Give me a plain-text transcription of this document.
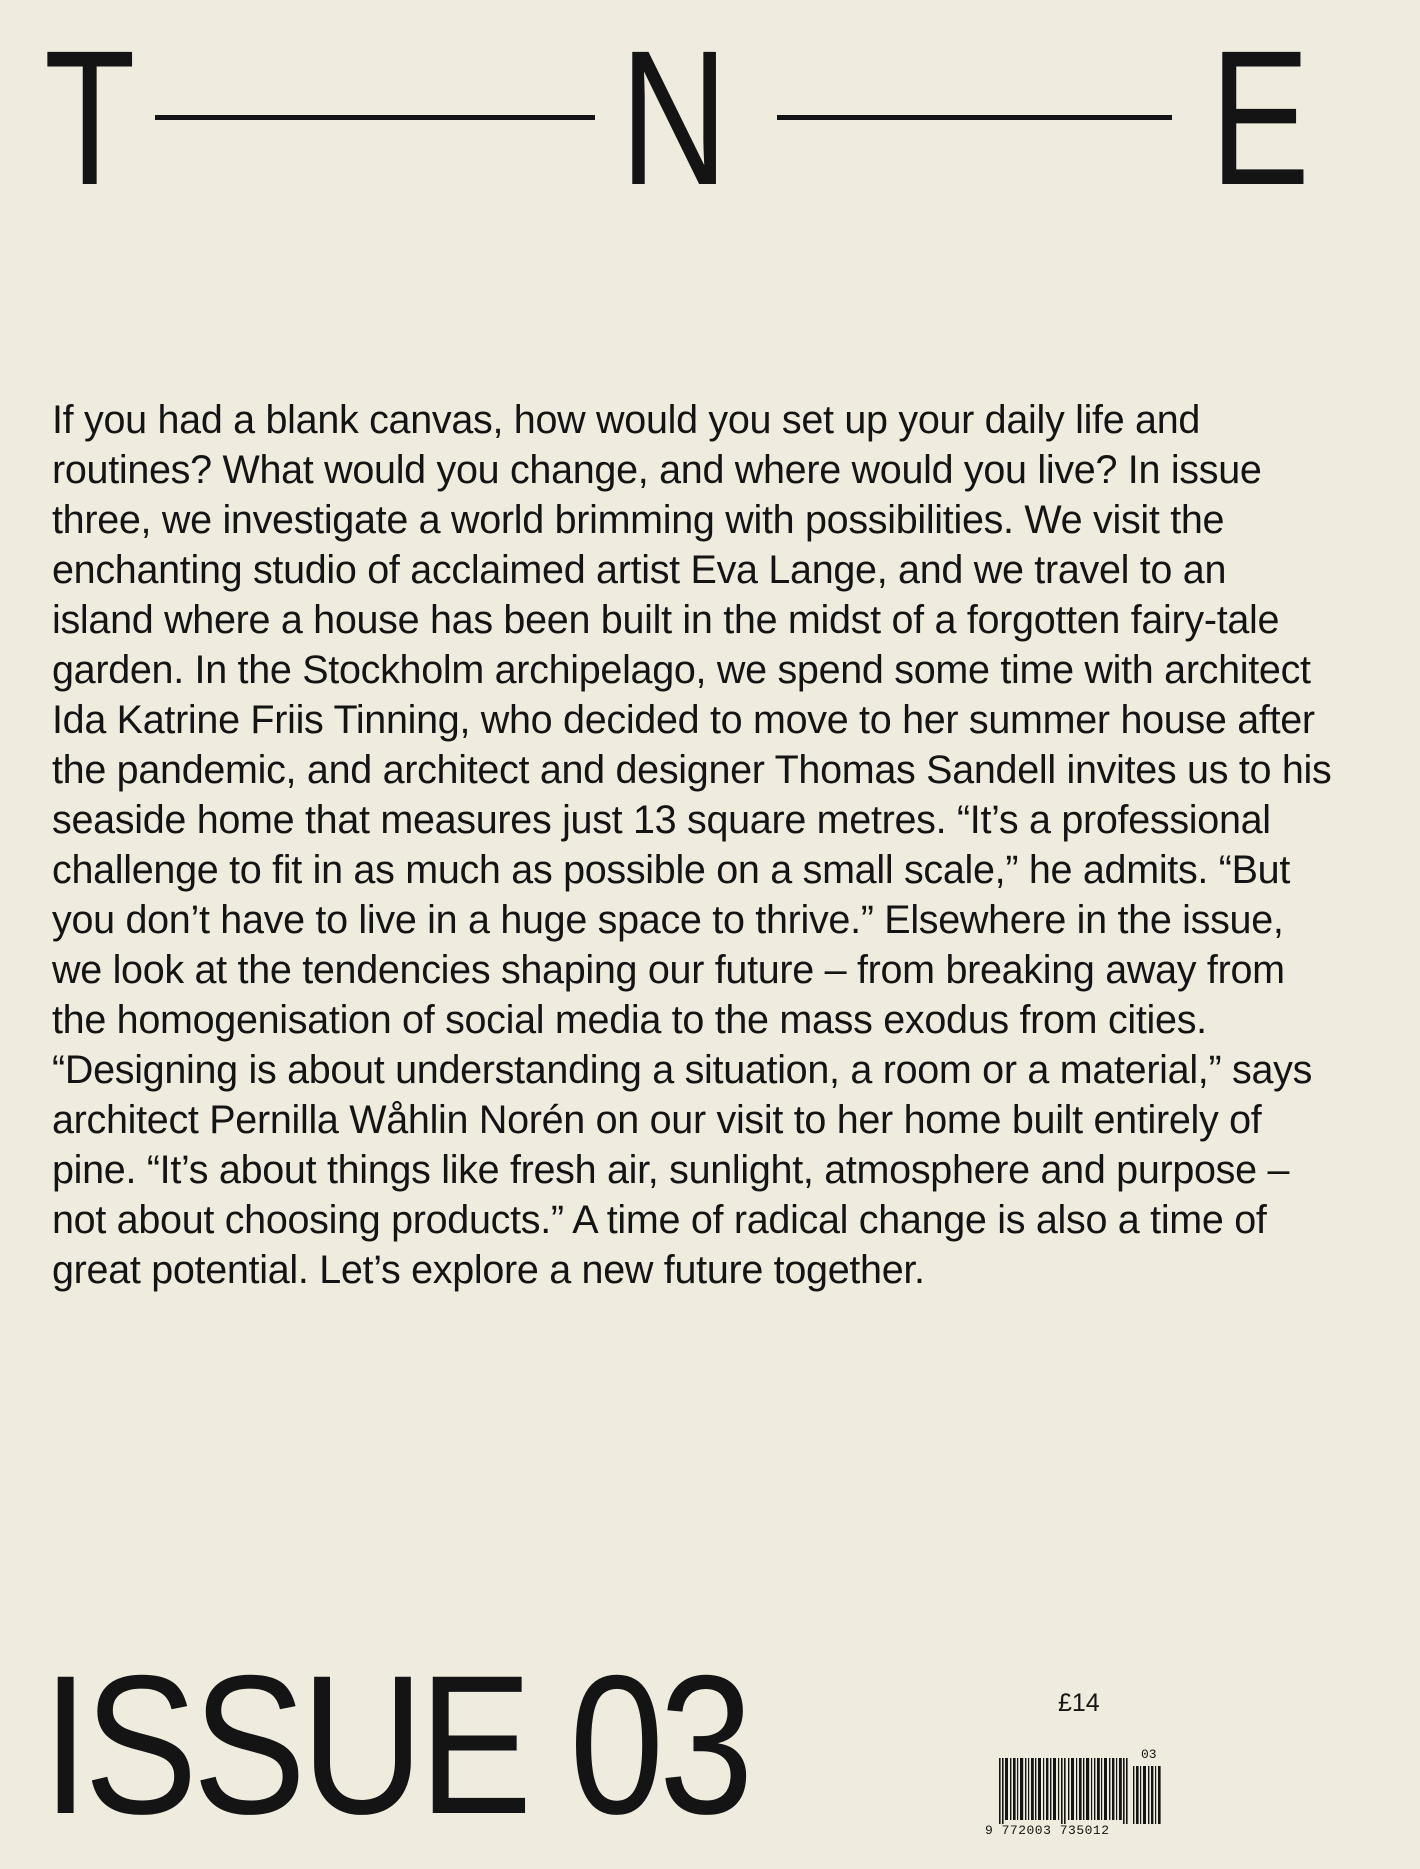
T	N	E

If you had a blank canvas, how would you set up your daily life and routines? What would you change, and where would you live? In issue three, we investigate a world brimming with possibilities. We visit the enchanting studio of acclaimed artist Eva Lange, and we travel to an island where a house has been built in the midst of a forgotten fairy-tale garden. In the Stockholm archipelago, we spend some time with architect Ida Katrine Friis Tinning, who decided to move to her summer house after the pandemic, and architect and designer Thomas Sandell invites us to his seaside home that measures just 13 square metres. “It’s a professional challenge to fit in as much as possible on a small scale,” he admits. “But you don’t have to live in a huge space to thrive.” Elsewhere in the issue, we look at the tendencies shaping our future – from breaking away from the homogenisation of social media to the mass exodus from cities. “Designing is about understanding a situation, a room or a material,” says architect Pernilla Wåhlin Norén on our visit to her home built entirely of pine. “It’s about things like fresh air, sunlight, atmosphere and purpose – not about choosing products.” A time of radical change is also a time of great potential. Let’s explore a new future together.

ISSUE 03	£14
03
9 772003 735012
